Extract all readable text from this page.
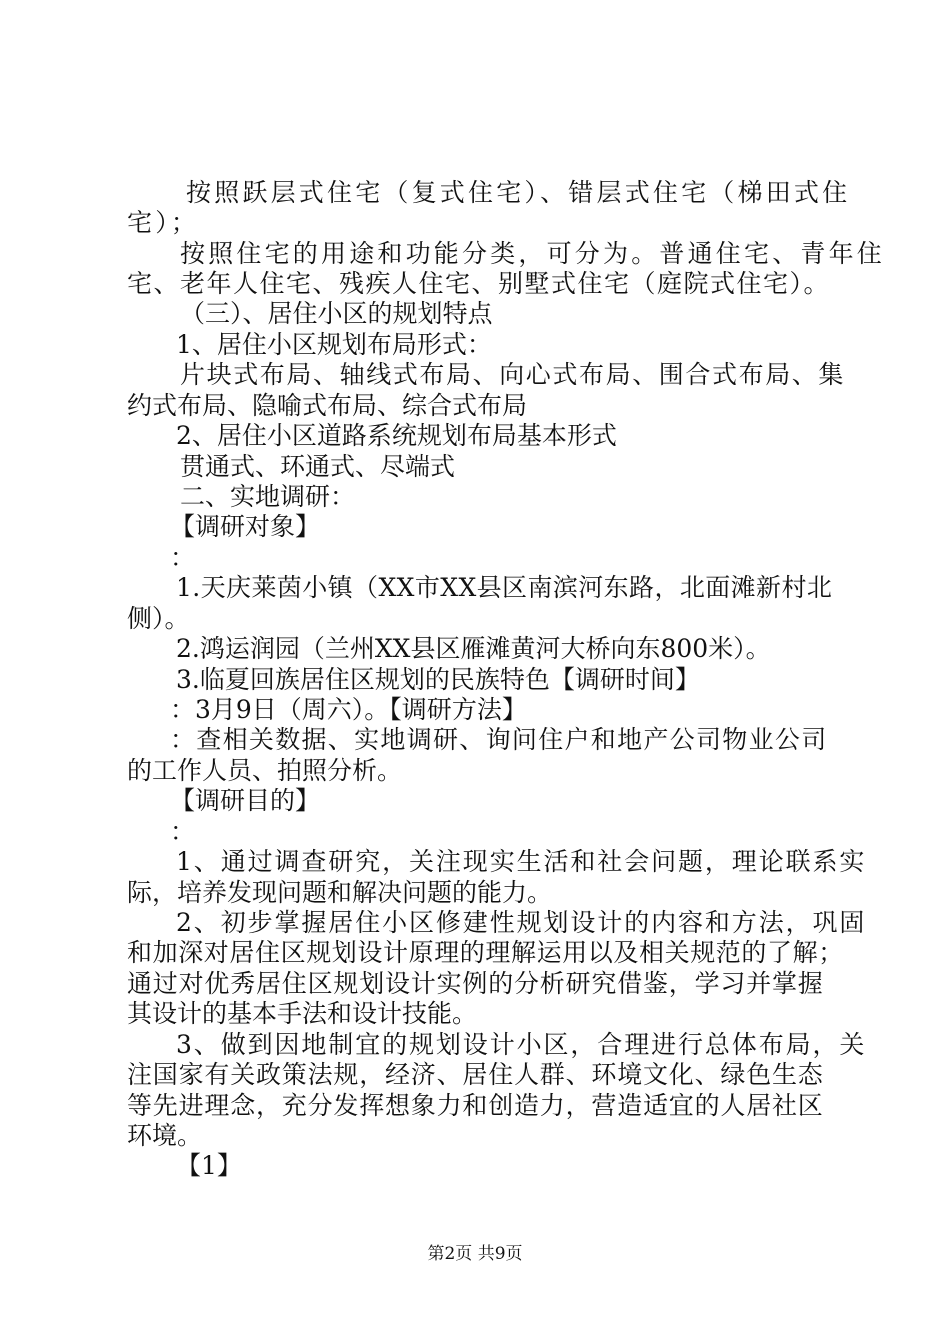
按照跃层式住宅（复式住宅）、错层式住宅（梯田式住
宅）；
按照住宅的用途和功能分类，可分为。普通住宅、青年住
宅、老年人住宅、残疾人住宅、别墅式住宅（庭院式住宅）。
（三）、居住小区的规划特点
1、居住小区规划布局形式：
片块式布局、轴线式布局、向心式布局、围合式布局、集
约式布局、隐喻式布局、综合式布局
2、居住小区道路系统规划布局基本形式
贯通式、环通式、尽端式
二、实地调研：
【调研对象】
：
1.天庆莱茵小镇（XX市XX县区南滨河东路，北面滩新村北
侧）。
2.鸿运润园（兰州XX县区雁滩黄河大桥向东800米）。
3.临夏回族居住区规划的民族特色【调研时间】
：3月9日（周六）。【调研方法】
：查相关数据、实地调研、询问住户和地产公司物业公司
的工作人员、拍照分析。
【调研目的】
：
1、通过调查研究，关注现实生活和社会问题，理论联系实
际，培养发现问题和解决问题的能力。
2、初步掌握居住小区修建性规划设计的内容和方法，巩固
和加深对居住区规划设计原理的理解运用以及相关规范的了解；
通过对优秀居住区规划设计实例的分析研究借鉴，学习并掌握
其设计的基本手法和设计技能。
3、做到因地制宜的规划设计小区，合理进行总体布局，关
注国家有关政策法规，经济、居住人群、环境文化、绿色生态
等先进理念，充分发挥想象力和创造力，营造适宜的人居社区
环境。
【1】
第2页 共9页
